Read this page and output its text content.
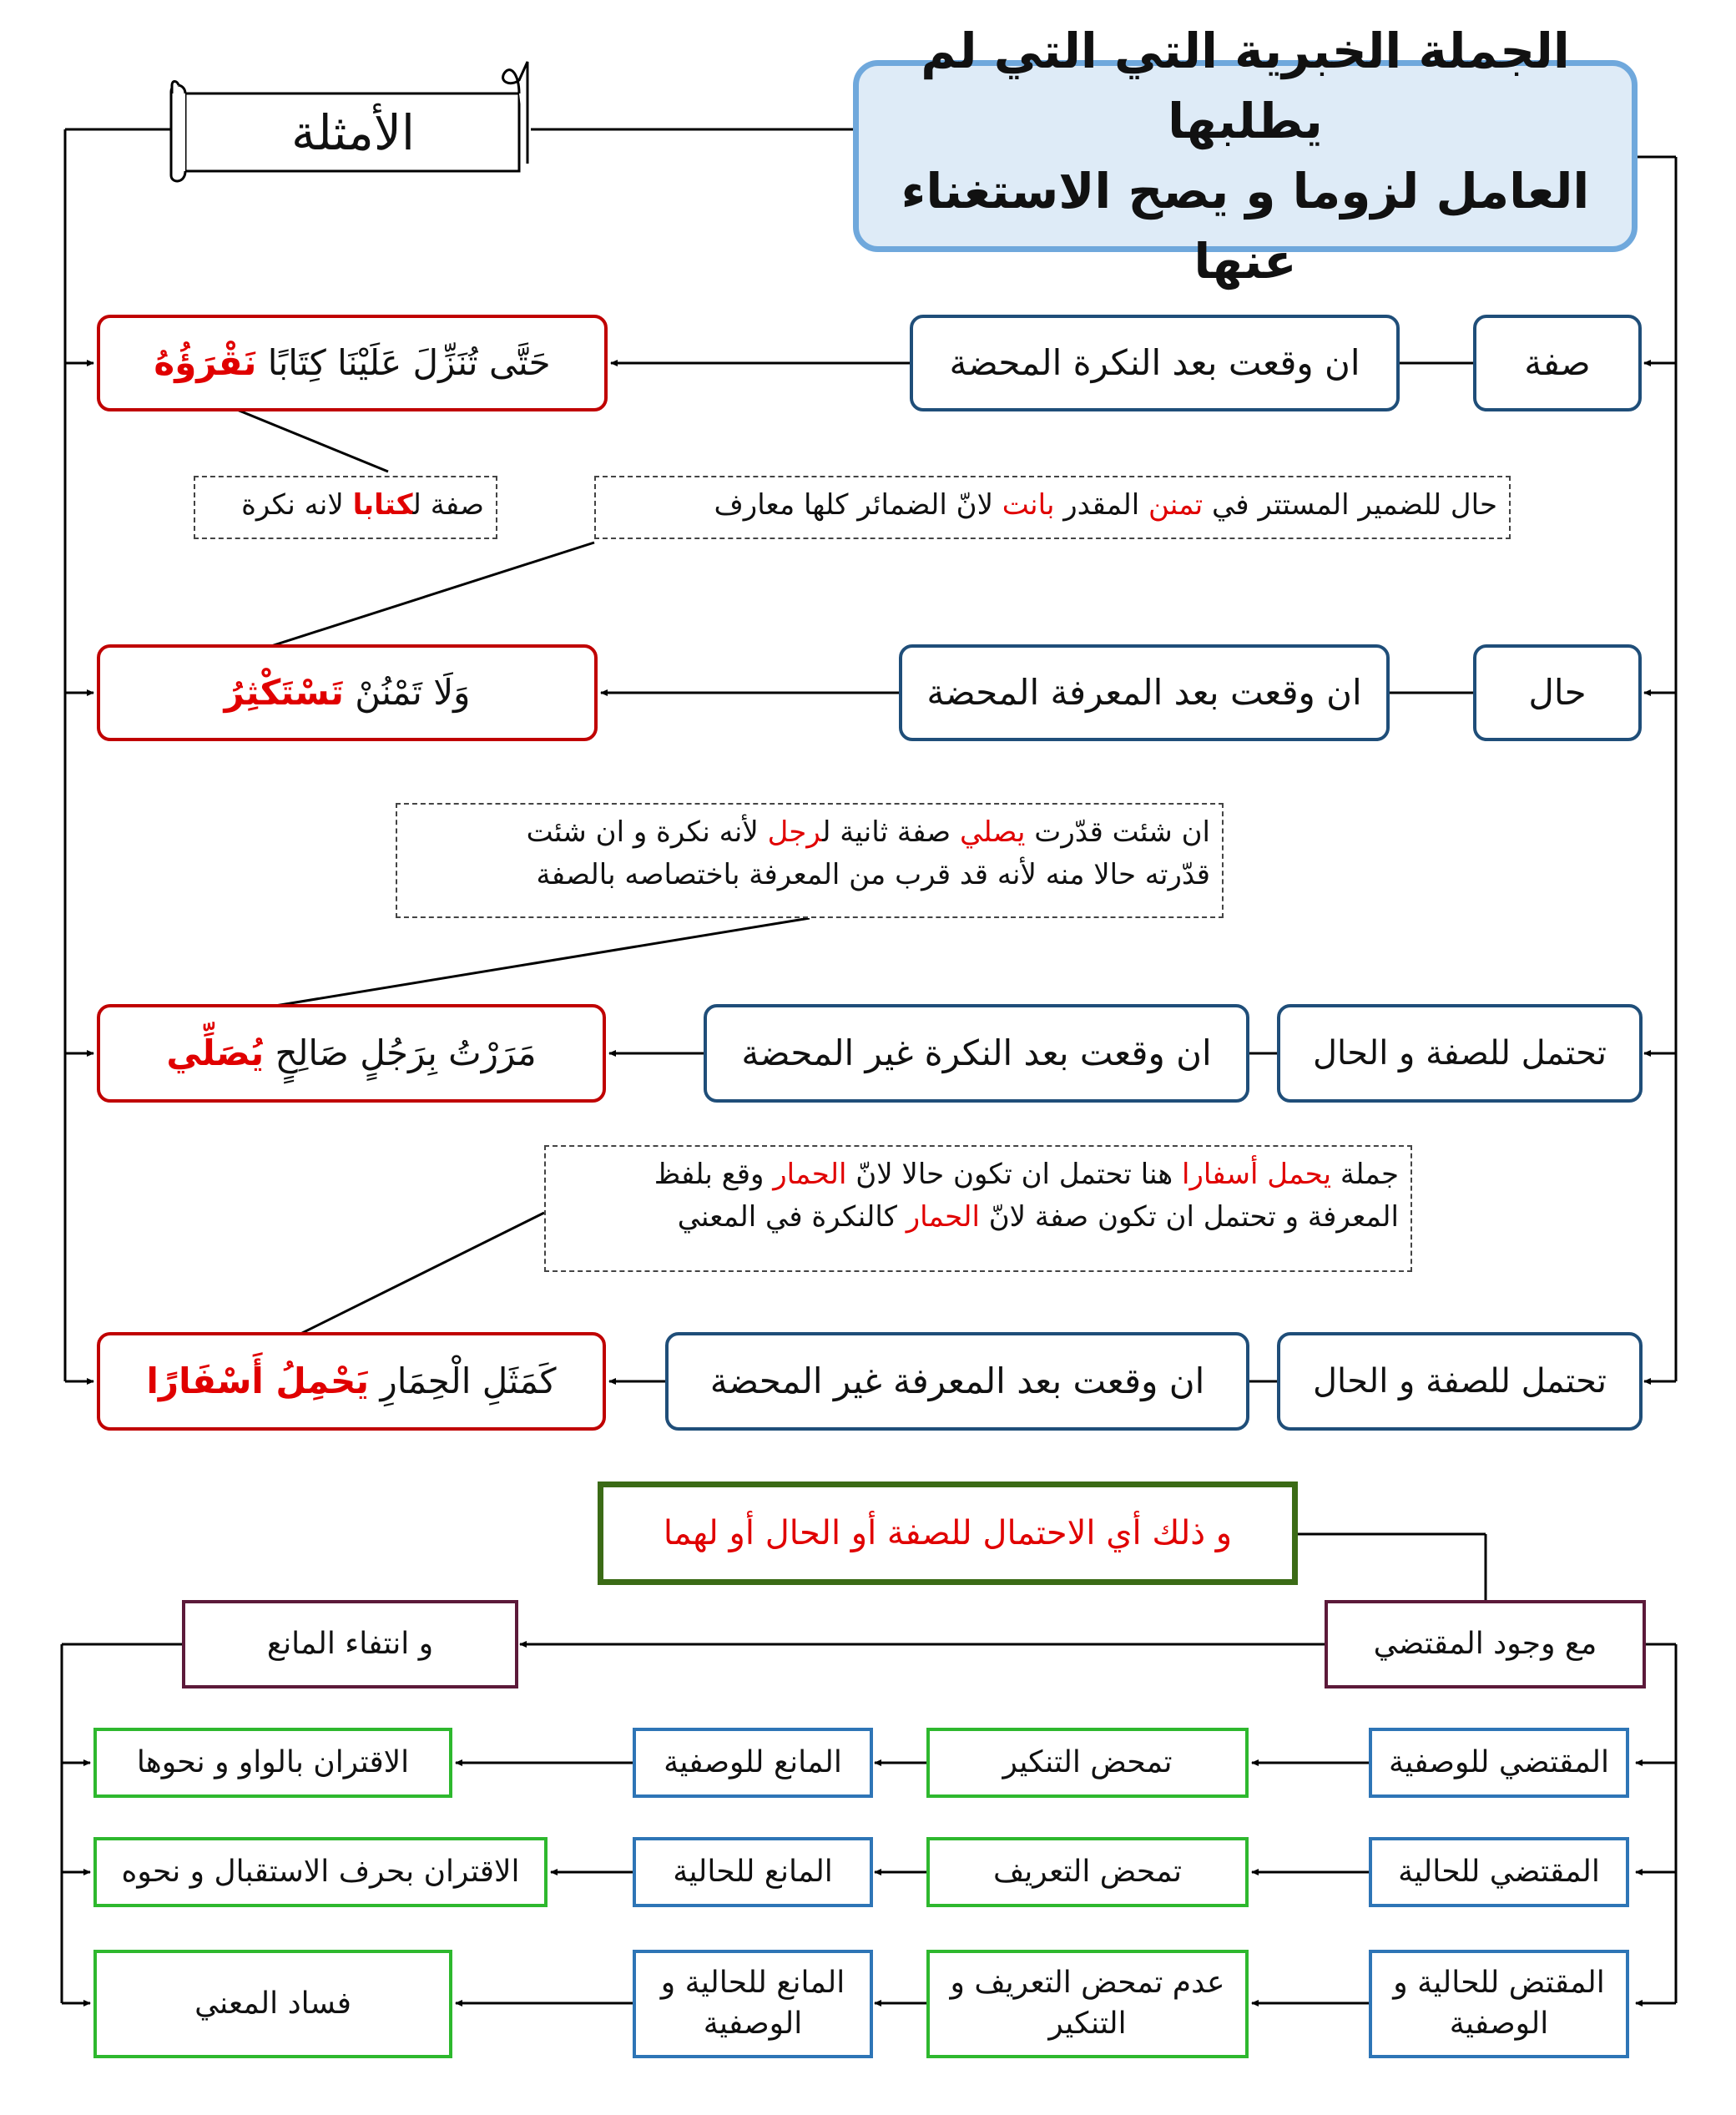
الجملة الخبرية التي التي لم يطلبها
العامل لزوما و يصح الاستغناء عنها
الأمثلة
صفة
ان وقعت بعد النكرة المحضة
حَتَّى تُنَزِّلَ عَلَيْنَا كِتَابًا نَقْرَؤُهُ
صفة لكتابا لانه نكرة	حال للضمير المستتر في تمنن المقدر بانت لانّ الضمائر كلها معارف
حال
ان وقعت بعد المعرفة المحضة
وَلَا تَمْنُنْ تَسْتَكْثِرُ
ان شئت قدّرت يصلي صفة ثانية لرجل لأنه نكرة و ان شئت
قدّرته حالا منه لأنه قد قرب من المعرفة باختصاصه بالصفة
تحتمل للصفة و الحال
ان وقعت بعد النكرة غير المحضة
مَرَرْتُ بِرَجُلٍ صَالِحٍ يُصَلِّي
جملة يحمل أسفارا هنا تحتمل ان تكون حالا لانّ الحمار وقع بلفظ
المعرفة و تحتمل ان تكون صفة لانّ الحمار كالنكرة في المعني
تحتمل للصفة و الحال
ان وقعت بعد المعرفة غير المحضة
كَمَثَلِ الْحِمَارِ يَحْمِلُ أَسْفَارًا
و ذلك أي الاحتمال للصفة أو الحال أو لهما
مع وجود المقتضي
و انتفاء المانع
المقتضي للوصفية
تمحض التنكير
المانع للوصفية
الاقتران بالواو و نحوها
المقتضي للحالية
تمحض التعريف
المانع للحالية
الاقتران بحرف الاستقبال و نحوه
المقتض للحالية و الوصفية
عدم تمحض التعريف و التنكير
المانع للحالية و الوصفية
فساد المعني
